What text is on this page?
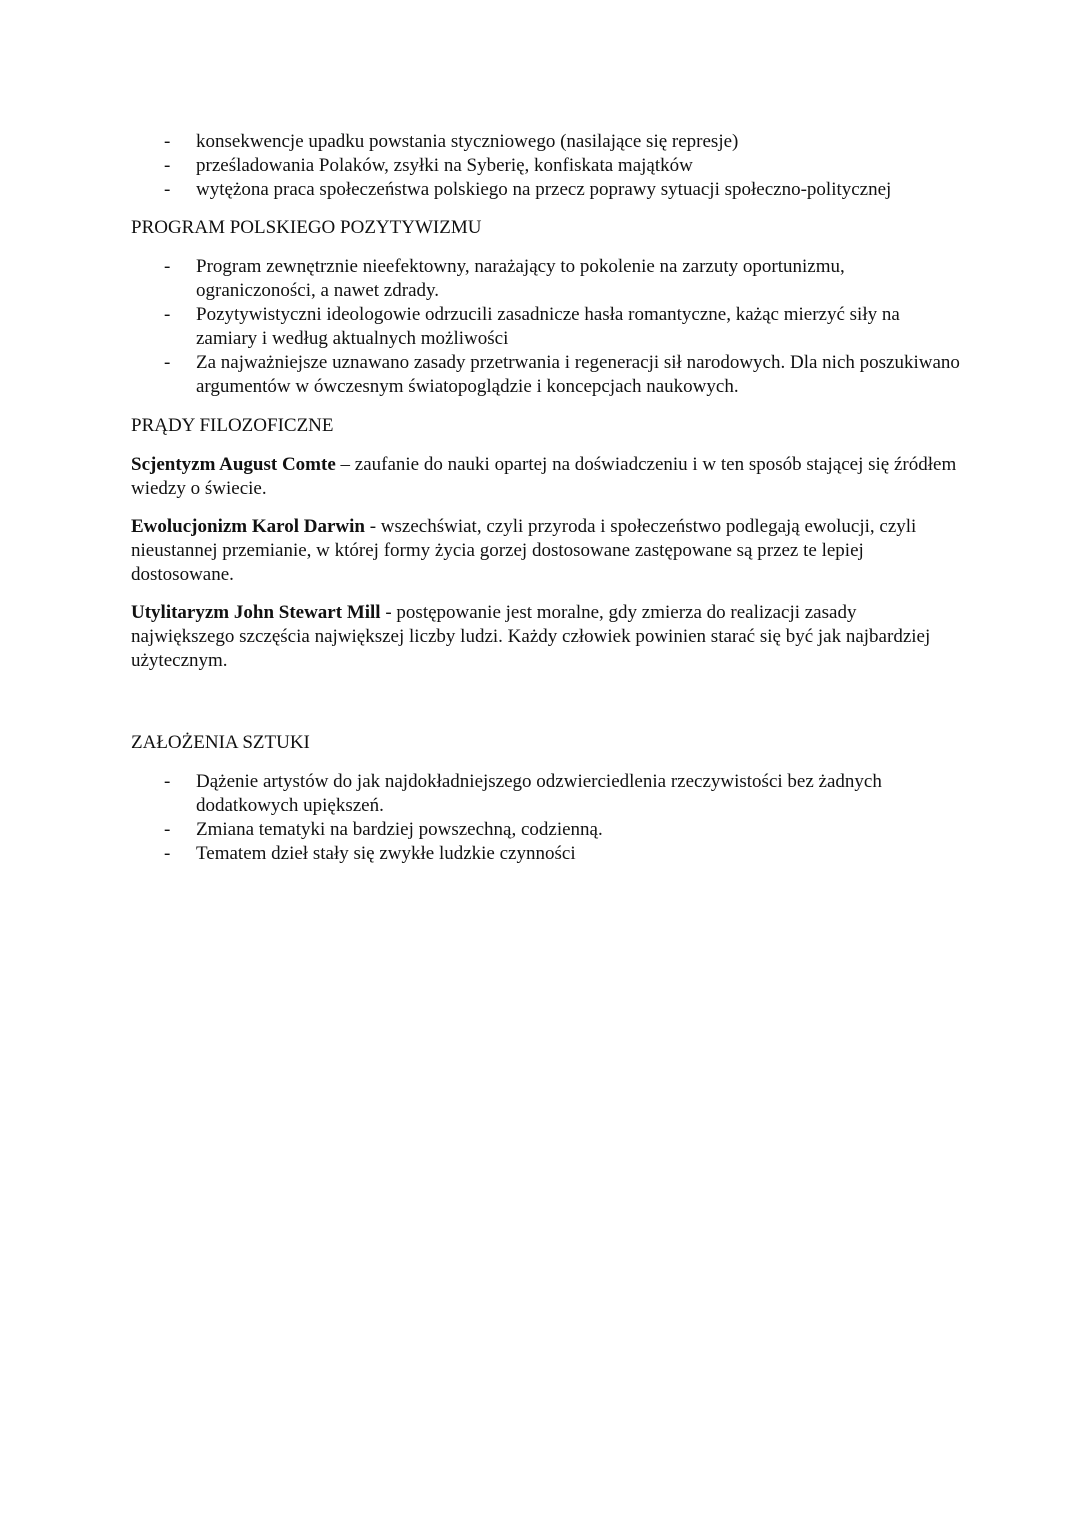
- konsekwencje upadku powstania styczniowego (nasilające się represje)
- prześladowania Polaków, zsyłki na Syberię, konfiskata majątków
- wytężona praca społeczeństwa polskiego na przecz poprawy sytuacji społeczno-politycznej
PROGRAM POLSKIEGO POZYTYWIZMU
- Program zewnętrznie nieefektowny, narażający to pokolenie na zarzuty oportunizmu, ograniczoności, a nawet zdrady.
- Pozytywistyczni ideologowie odrzucili zasadnicze hasła romantyczne, każąc mierzyć siły na zamiary i według aktualnych możliwości
- Za najważniejsze uznawano zasady przetrwania i regeneracji sił narodowych. Dla nich poszukiwano argumentów w ówczesnym światopoglądzie i koncepcjach naukowych.
PRĄDY FILOZOFICZNE

Scjentyzm August Comte – zaufanie do nauki opartej na doświadczeniu i w ten sposób stającej się źródłem wiedzy o świecie.

Ewolucjonizm Karol Darwin - wszechświat, czyli przyroda i społeczeństwo podlegają ewolucji, czyli nieustannej przemianie, w której formy życia gorzej dostosowane zastępowane są przez te lepiej dostosowane.

Utylitaryzm John Stewart Mill - postępowanie jest moralne, gdy zmierza do realizacji zasady największego szczęścia największej liczby ludzi. Każdy człowiek powinien starać się być jak najbardziej użytecznym.

ZAŁOŻENIA SZTUKI
- Dążenie artystów do jak najdokładniejszego odzwierciedlenia rzeczywistości bez żadnych dodatkowych upiększeń.
- Zmiana tematyki na bardziej powszechną, codzienną.
- Tematem dzieł stały się zwykłe ludzkie czynności
